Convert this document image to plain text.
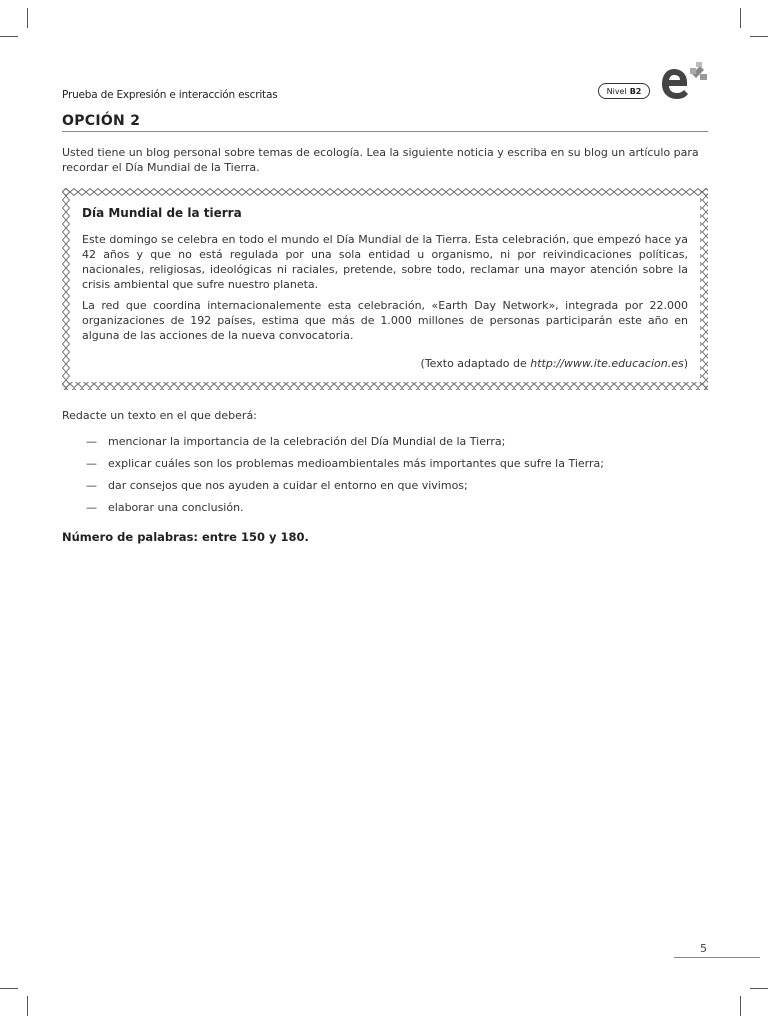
Prueba de Expresión e interacción escritas	Nivel B2
OPCIÓN 2
Usted tiene un blog personal sobre temas de ecología. Lea la siguiente noticia y escriba en su blog un artículo para recordar el Día Mundial de la Tierra.
Día Mundial de la tierra

Este domingo se celebra en todo el mundo el Día Mundial de la Tierra. Esta celebración, que empezó hace ya 42 años y que no está regulada por una sola entidad u organismo, ni por reivindicaciones políticas, nacionales, religiosas, ideológicas ni raciales, pretende, sobre todo, reclamar una mayor atención sobre la crisis ambiental que sufre nuestro planeta.

La red que coordina internacionalemente esta celebración, «Earth Day Network», integrada por 22.000 organizaciones de 192 países, estima que más de 1.000 millones de personas participarán este año en alguna de las acciones de la nueva convocatoria.

(Texto adaptado de http://www.ite.educacion.es)
Redacte un texto en el que deberá:
— mencionar la importancia de la celebración del Día Mundial de la Tierra;
— explicar cuáles son los problemas medioambientales más importantes que sufre la Tierra;
— dar consejos que nos ayuden a cuidar el entorno en que vivimos;
— elaborar una conclusión.
Número de palabras: entre 150 y 180.
5
